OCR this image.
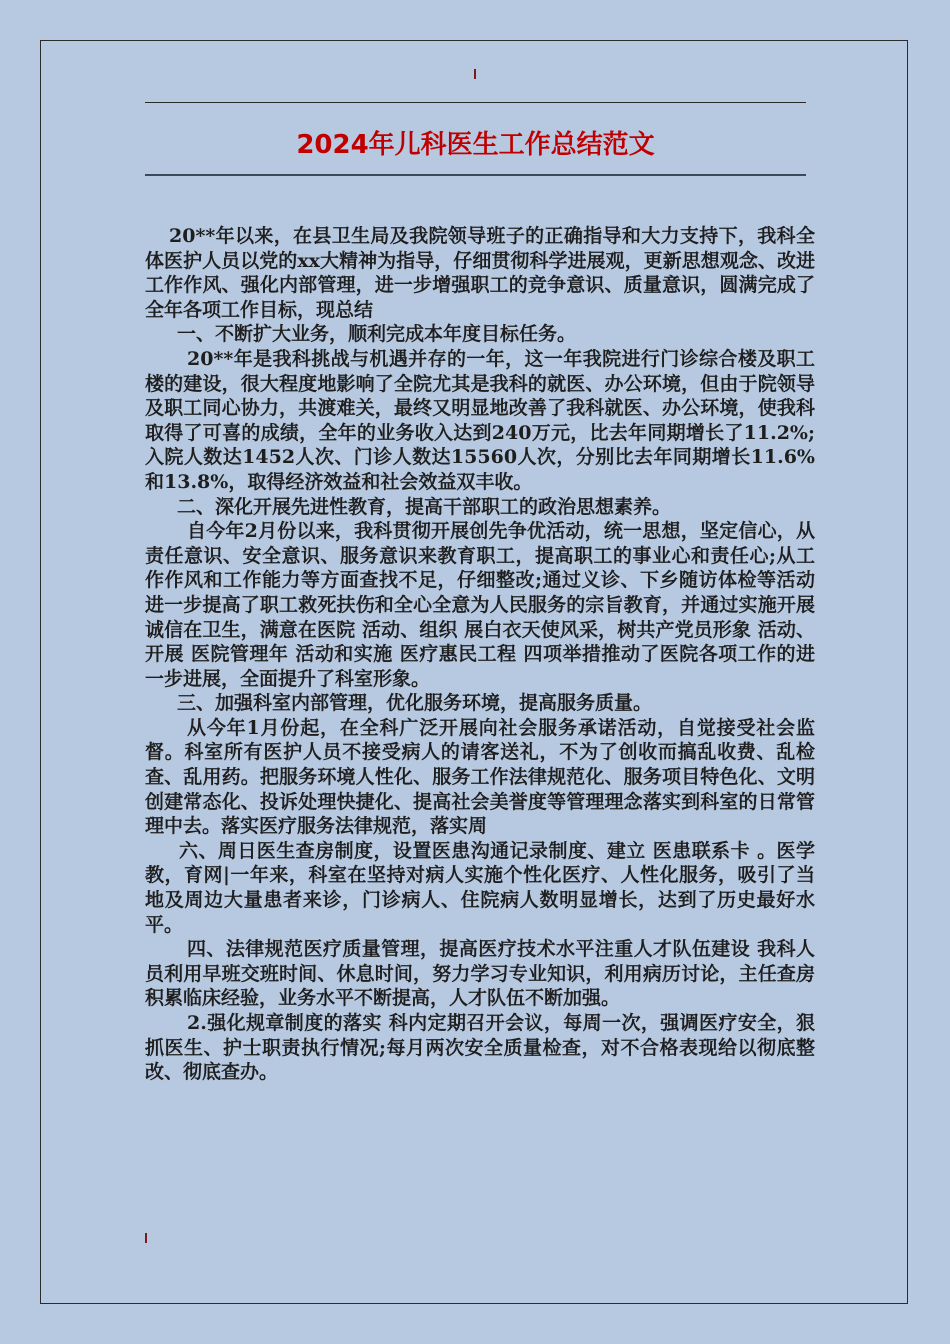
2024年儿科医生工作总结范文

20**年以来，在县卫生局及我院领导班子的正确指导和大力支持下，我科全体医护人员以党的xx大精神为指导，仔细贯彻科学进展观，更新思想观念、改进工作作风、强化内部管理，进一步增强职工的竞争意识、质量意识，圆满完成了全年各项工作目标，现总结

一、不断扩大业务，顺利完成本年度目标任务。

20**年是我科挑战与机遇并存的一年，这一年我院进行门诊综合楼及职工楼的建设，很大程度地影响了全院尤其是我科的就医、办公环境，但由于院领导及职工同心协力，共渡难关，最终又明显地改善了我科就医、办公环境，使我科取得了可喜的成绩，全年的业务收入达到240万元，比去年同期增长了11.2%;入院人数达1452人次、门诊人数达15560人次，分别比去年同期增长11.6%和13.8%，取得经济效益和社会效益双丰收。

二、深化开展先进性教育，提高干部职工的政治思想素养。

自今年2月份以来，我科贯彻开展创先争优活动，统一思想，坚定信心，从责任意识、安全意识、服务意识来教育职工，提高职工的事业心和责任心;从工作作风和工作能力等方面查找不足，仔细整改;通过义诊、下乡随访体检等活动进一步提高了职工救死扶伤和全心全意为人民服务的宗旨教育，并通过实施开展 诚信在卫生，满意在医院 活动、组织 展白衣天使风采，树共产党员形象 活动、开展 医院管理年 活动和实施 医疗惠民工程 四项举措推动了医院各项工作的进一步进展，全面提升了科室形象。

三、加强科室内部管理，优化服务环境，提高服务质量。

从今年1月份起，在全科广泛开展向社会服务承诺活动，自觉接受社会监督。科室所有医护人员不接受病人的请客送礼，不为了创收而搞乱收费、乱检查、乱用药。把服务环境人性化、服务工作法律规范化、服务项目特色化、文明创建常态化、投诉处理快捷化、提高社会美誉度等管理理念落实到科室的日常管理中去。落实医疗服务法律规范，落实周

六、周日医生查房制度，设置医患沟通记录制度、建立 医患联系卡 。医学教，育网|一年来，科室在坚持对病人实施个性化医疗、人性化服务，吸引了当地及周边大量患者来诊，门诊病人、住院病人数明显增长，达到了历史最好水平。

四、法律规范医疗质量管理，提高医疗技术水平注重人才队伍建设 我科人员利用早班交班时间、休息时间，努力学习专业知识，利用病历讨论，主任查房积累临床经验，业务水平不断提高，人才队伍不断加强。

2.强化规章制度的落实 科内定期召开会议，每周一次，强调医疗安全，狠抓医生、护士职责执行情况;每月两次安全质量检查，对不合格表现给以彻底整改、彻底查办。
